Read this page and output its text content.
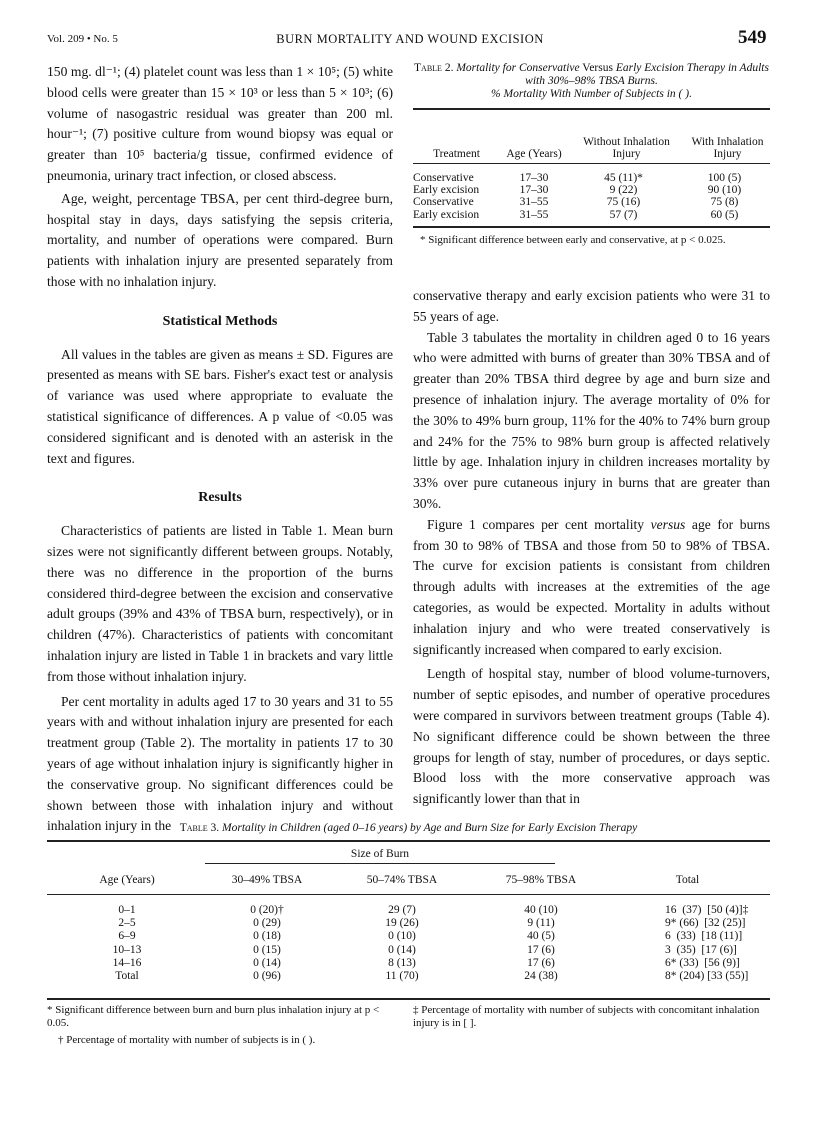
Vol. 209 • No. 5	BURN MORTALITY AND WOUND EXCISION	549

150 mg. dl⁻¹; (4) platelet count was less than 1 × 10⁵; (5) white blood cells were greater than 15 × 10³ or less than 5 × 10³; (6) volume of nasogastric residual was greater than 200 ml. hour⁻¹; (7) positive culture from wound biopsy was equal or greater than 10⁵ bacteria/g tissue, confirmed evidence of pneumonia, urinary tract infection, or closed abscess.

Age, weight, percentage TBSA, per cent third-degree burn, hospital stay in days, days satisfying the sepsis criteria, mortality, and number of operations were compared. Burn patients with inhalation injury are presented separately from those with no inhalation injury.

Statistical Methods

All values in the tables are given as means ± SD. Figures are presented as means with SE bars. Fisher's exact test or analysis of variance was used where appropriate to evaluate the statistical significance of differences. A p value of <0.05 was considered significant and is denoted with an asterisk in the text and figures.

Results

Characteristics of patients are listed in Table 1. Mean burn sizes were not significantly different between groups. Notably, there was no difference in the proportion of the burns considered third-degree between the excision and conservative adult groups (39% and 43% of TBSA burn, respectively), or in children (47%). Characteristics of patients with concomitant inhalation injury are listed in Table 1 in brackets and vary little from those without inhalation injury.

Per cent mortality in adults aged 17 to 30 years and 31 to 55 years with and without inhalation injury are presented for each treatment group (Table 2). The mortality in patients 17 to 30 years of age without inhalation injury is significantly higher in the conservative group. No significant differences could be shown between those with inhalation injury and without inhalation injury in the

Table 2. Mortality for Conservative Versus Early Excision Therapy in Adults with 30%–98% TBSA Burns.
% Mortality With Number of Subjects in ( ).
Treatment	Age (Years)	Without Inhalation Injury	With Inhalation Injury

Conservative	17–30	45 (11)*	100 (5)
Early excision	17–30	9 (22)	90 (10)
Conservative	31–55	75 (16)	75 (8)
Early excision	31–55	57 (7)	60 (5)
* Significant difference between early and conservative, at p < 0.025.

conservative therapy and early excision patients who were 31 to 55 years of age.

Table 3 tabulates the mortality in children aged 0 to 16 years who were admitted with burns of greater than 30% TBSA and of greater than 20% TBSA third degree by age and burn size and presence of inhalation injury. The average mortality of 0% for the 30% to 49% burn group, 11% for the 40% to 74% burn group and 24% for the 75% to 98% burn group is affected relatively little by age. Inhalation injury in children increases mortality by 33% over pure cutaneous injury in burns that are greater than 30%.

Figure 1 compares per cent mortality versus age for burns from 30 to 98% of TBSA and those from 50 to 98% of TBSA. The curve for excision patients is consistant from children through adults with increases at the extremities of the age categories, as would be expected. Mortality in adults without inhalation injury and who were treated conservatively is significantly increased when compared to early excision.

Length of hospital stay, number of blood volume-turnovers, number of septic episodes, and number of operative procedures were compared in survivors between treatment groups (Table 4). No significant difference could be shown between the three groups for length of stay, number of procedures, or days septic. Blood loss with the more conservative approach was significantly lower than that in

Table 3. Mortality in Children (aged 0–16 years) by Age and Burn Size for Early Excision Therapy
Size of Burn
Age (Years)	30–49% TBSA	50–74% TBSA	75–98% TBSA	Total
0–1	0 (20)†	29 (7)	40 (10)	16  (37)  [50 (4)]‡
2–5	0 (29)	19 (26)	9 (11)	9* (66)  [32 (25)]
6–9	0 (18)	0 (10)	40 (5)	6  (33)  [18 (11)]
10–13	0 (15)	0 (14)	17 (6)	3  (35)  [17 (6)]
14–16	0 (14)	8 (13)	17 (6)	6* (33)  [56 (9)]
Total	0 (96)	11 (70)	24 (38)	8* (204) [33 (55)]
* Significant difference between burn and burn plus inhalation injury at p < 0.05.
† Percentage of mortality with number of subjects is in ( ).
‡ Percentage of mortality with number of subjects with concomitant inhalation injury is in [ ].
